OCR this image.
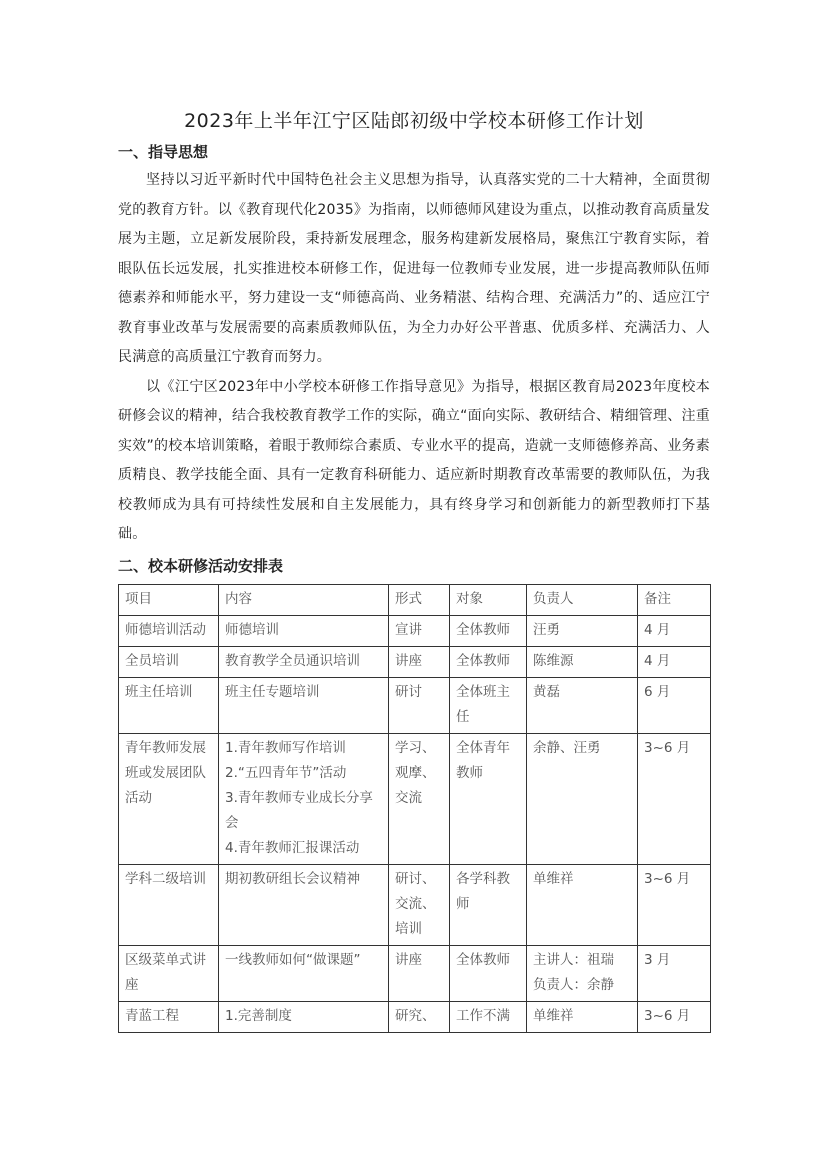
2023年上半年江宁区陆郎初级中学校本研修工作计划

一、指导思想

坚持以习近平新时代中国特色社会主义思想为指导，认真落实党的二十大精神，全面贯彻党的教育方针。以《教育现代化2035》为指南，以师德师风建设为重点，以推动教育高质量发展为主题，立足新发展阶段，秉持新发展理念，服务构建新发展格局，聚焦江宁教育实际，着眼队伍长远发展，扎实推进校本研修工作，促进每一位教师专业发展，进一步提高教师队伍师德素养和师能水平，努力建设一支“师德高尚、业务精湛、结构合理、充满活力”的、适应江宁教育事业改革与发展需要的高素质教师队伍，为全力办好公平普惠、优质多样、充满活力、人民满意的高质量江宁教育而努力。

以《江宁区2023年中小学校本研修工作指导意见》为指导，根据区教育局2023年度校本研修会议的精神，结合我校教育教学工作的实际，确立“面向实际、教研结合、精细管理、注重实效”的校本培训策略，着眼于教师综合素质、专业水平的提高，造就一支师德修养高、业务素质精良、教学技能全面、具有一定教育科研能力、适应新时期教育改革需要的教师队伍，为我校教师成为具有可持续性发展和自主发展能力，具有终身学习和创新能力的新型教师打下基础。

二、校本研修活动安排表

项目	内容	形式	对象	负责人	备注
师德培训活动	师德培训	宣讲	全体教师	汪勇	4 月
全员培训	教育教学全员通识培训	讲座	全体教师	陈维源	4 月
班主任培训	班主任专题培训	研讨	全体班主任	黄磊	6 月
青年教师发展班或发展团队活动	1.青年教师写作培训
2.“五四青年节”活动
3.青年教师专业成长分享会
4.青年教师汇报课活动	学习、观摩、交流	全体青年教师	余静、汪勇	3~6 月
学科二级培训	期初教研组长会议精神	研讨、交流、培训	各学科教师	单维祥	3~6 月
区级菜单式讲座	一线教师如何“做课题”	讲座	全体教师	主讲人：祖瑞
负责人：余静	3 月
青蓝工程	1.完善制度	研究、	工作不满	单维祥	3~6 月
